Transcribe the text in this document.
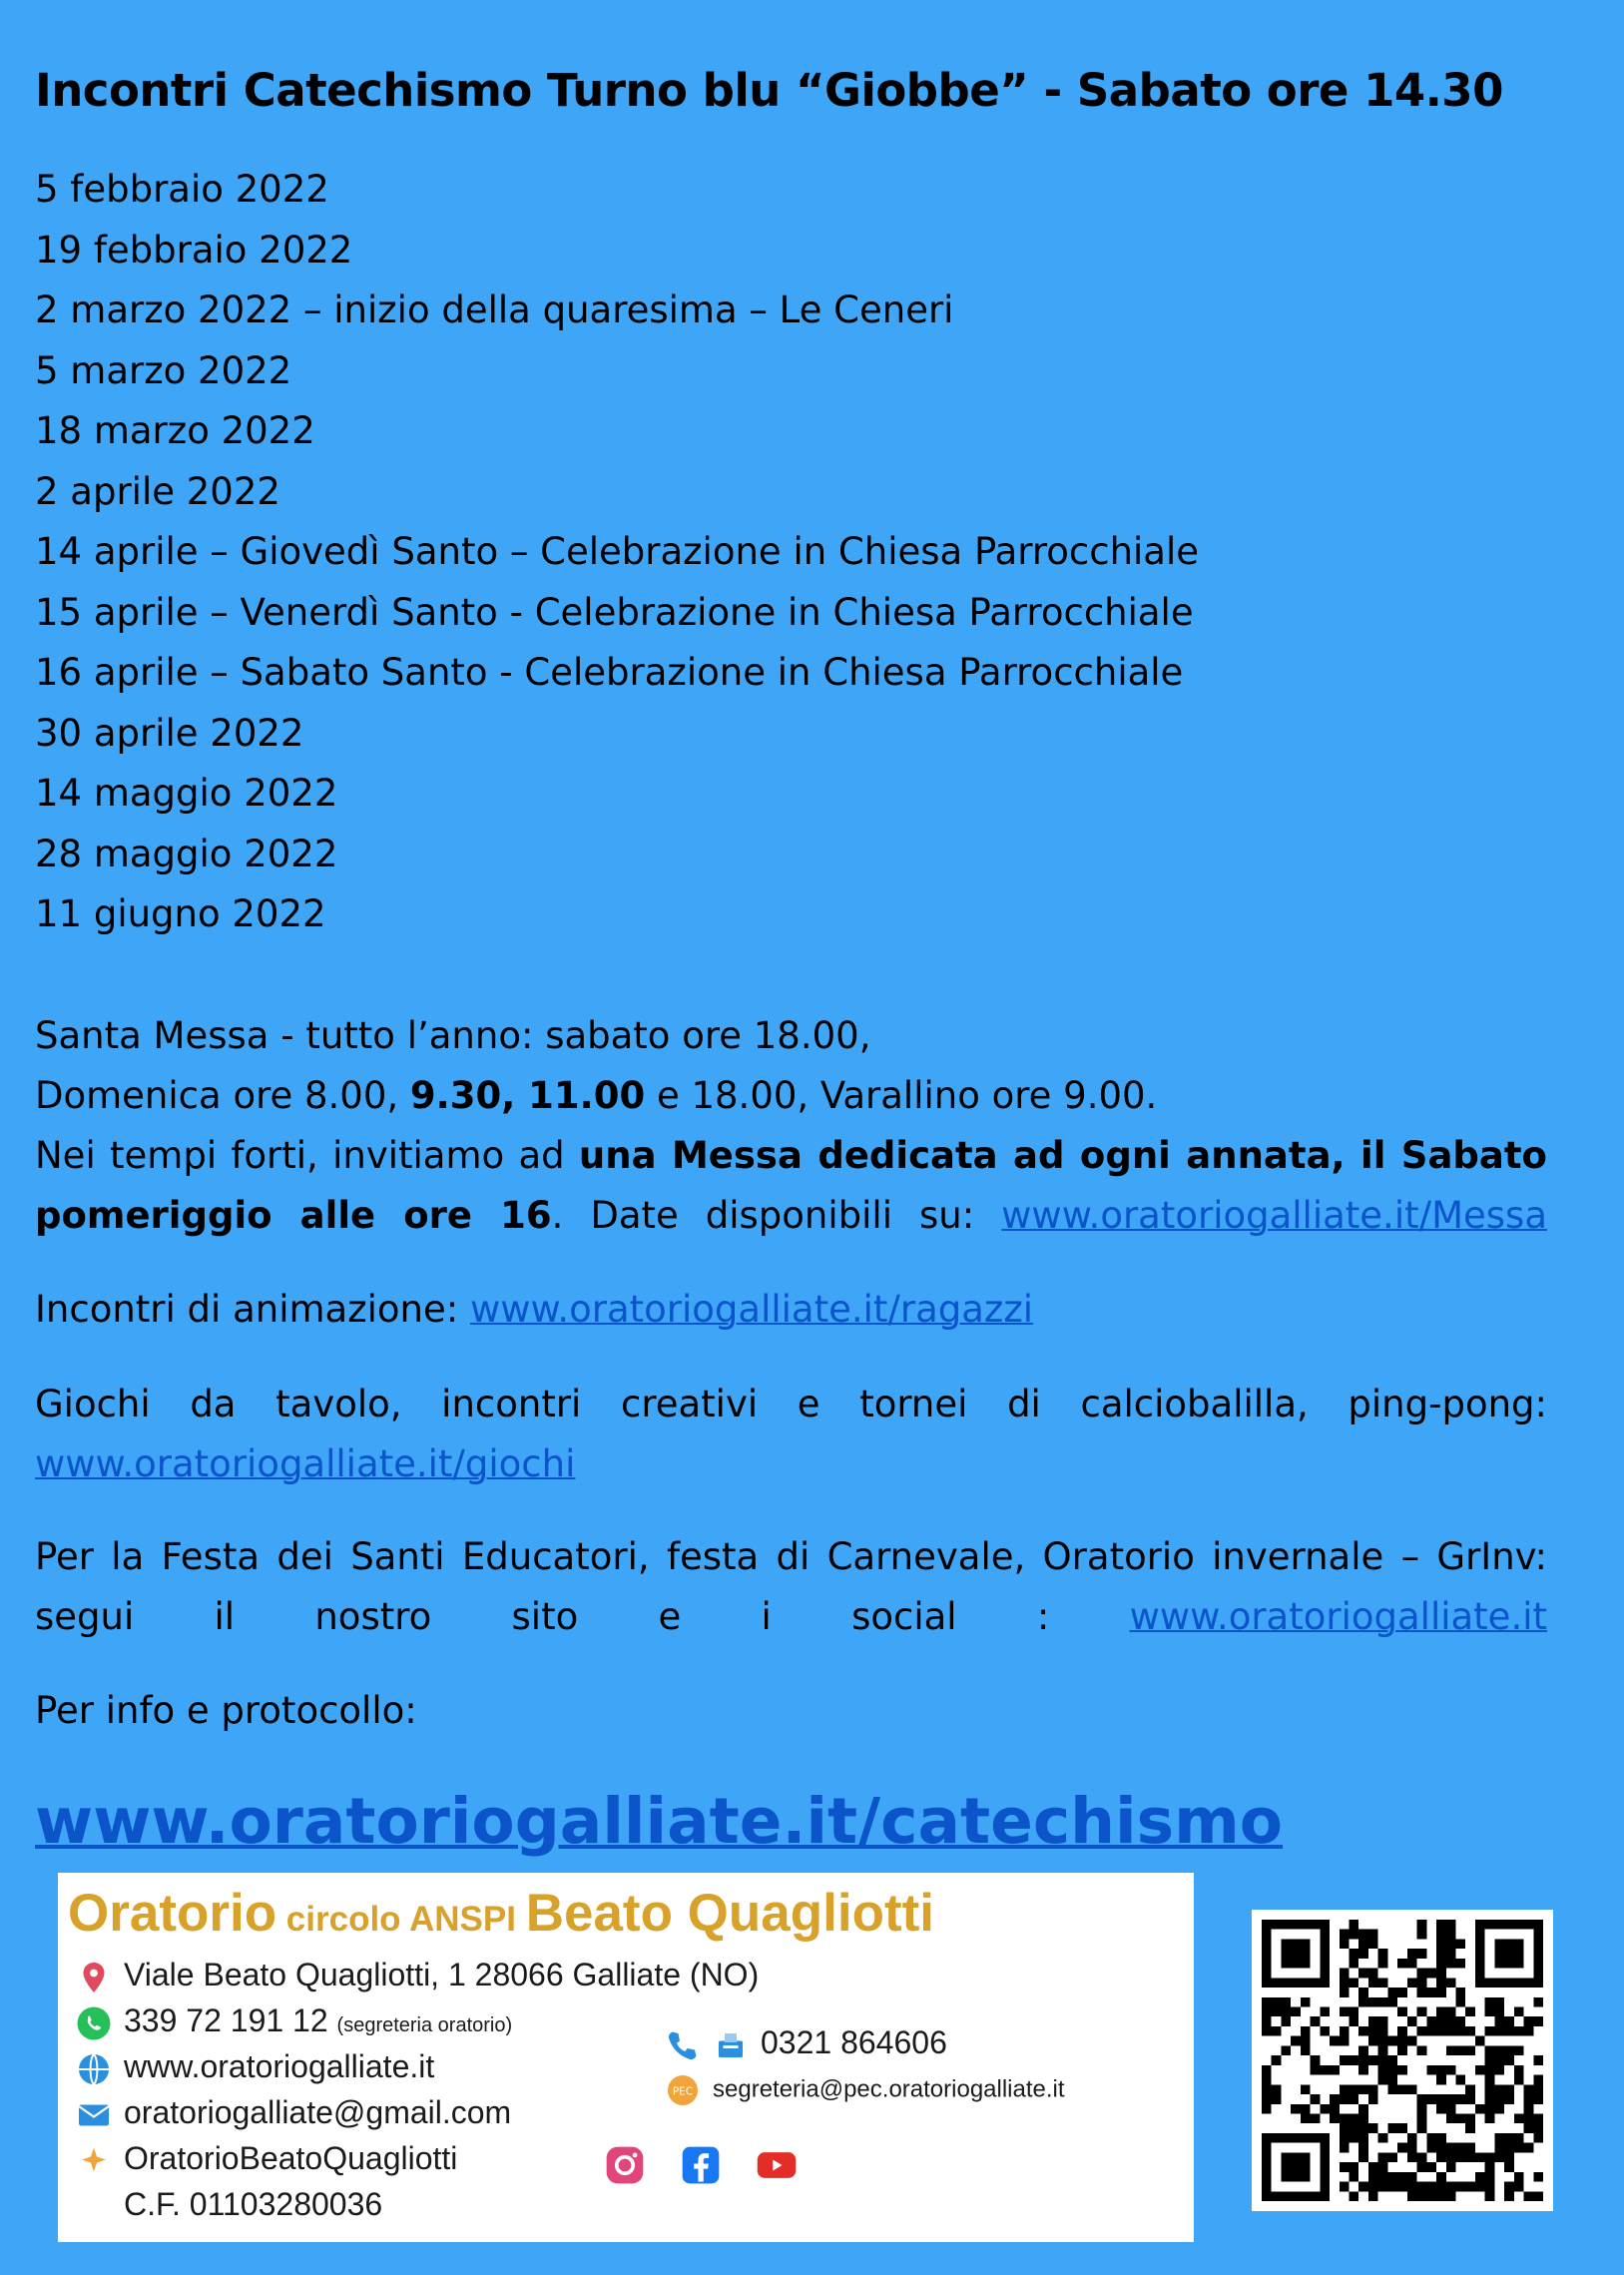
Incontri Catechismo Turno blu “Giobbe” - Sabato ore 14.30
5 febbraio 2022
19 febbraio 2022
2 marzo 2022 – inizio della quaresima – Le Ceneri
5 marzo 2022
18 marzo 2022
2 aprile 2022
14 aprile – Giovedì Santo – Celebrazione in Chiesa Parrocchiale
15 aprile – Venerdì Santo - Celebrazione in Chiesa Parrocchiale
16 aprile – Sabato Santo - Celebrazione in Chiesa Parrocchiale
30 aprile 2022
14 maggio 2022
28 maggio 2022
11 giugno 2022

Santa Messa - tutto l’anno: sabato ore 18.00,

Domenica ore 8.00, 9.30, 11.00 e 18.00, Varallino ore 9.00.

Nei tempi forti, invitiamo ad una Messa dedicata ad ogni annata, il Sabato pomeriggio alle ore 16. Date disponibili su: www.oratoriogalliate.it/Messa

Incontri di animazione: www.oratoriogalliate.it/ragazzi

Giochi da tavolo, incontri creativi e tornei di calciobalilla, ping-pong: www.oratoriogalliate.it/giochi

Per la Festa dei Santi Educatori, festa di Carnevale, Oratorio invernale – GrInv: segui il nostro sito e i social : www.oratoriogalliate.it

Per info e protocollo:

www.oratoriogalliate.it/catechismo
Oratorio circolo ANSPI Beato Quagliotti
Viale Beato Quagliotti, 1 28066 Galliate (NO)
339 72 191 12 (segreteria oratorio)
www.oratoriogalliate.it
oratoriogalliate@gmail.com
OratorioBeatoQuagliotti
C.F. 01103280036
0321 864606
PEC segreteria@pec.oratoriogalliate.it
